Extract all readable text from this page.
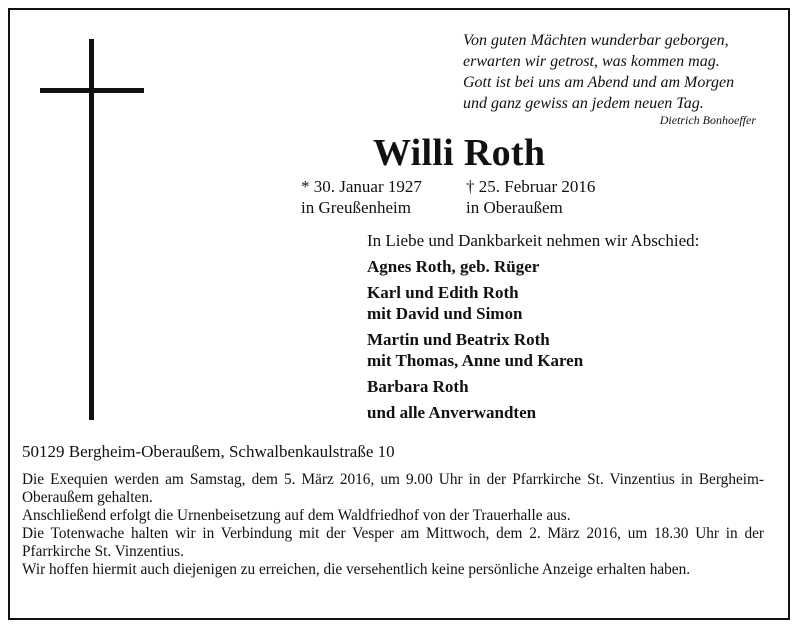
Von guten Mächten wunderbar geborgen,
erwarten wir getrost, was kommen mag.
Gott ist bei uns am Abend und am Morgen
und ganz gewiss an jedem neuen Tag.
Dietrich Bonhoeffer
Willi Roth
* 30. Januar 1927
in Greußenheim
† 25. Februar 2016
in Oberaußem
In Liebe und Dankbarkeit nehmen wir Abschied:
Agnes Roth, geb. Rüger
Karl und Edith Roth
mit David und Simon
Martin und Beatrix Roth
mit Thomas, Anne und Karen
Barbara Roth
und alle Anverwandten
50129 Bergheim-Oberaußem, Schwalbenkaulstraße 10

Die Exequien werden am Samstag, dem 5. März 2016, um 9.00 Uhr in der Pfarrkirche St. Vinzentius in Bergheim-Oberaußem gehalten.

Anschließend erfolgt die Urnenbeisetzung auf dem Waldfriedhof von der Trauerhalle aus.

Die Totenwache halten wir in Verbindung mit der Vesper am Mittwoch, dem 2. März 2016, um 18.30 Uhr in der Pfarrkirche St. Vinzentius.

Wir hoffen hiermit auch diejenigen zu erreichen, die versehentlich keine persönliche Anzeige erhalten haben.
